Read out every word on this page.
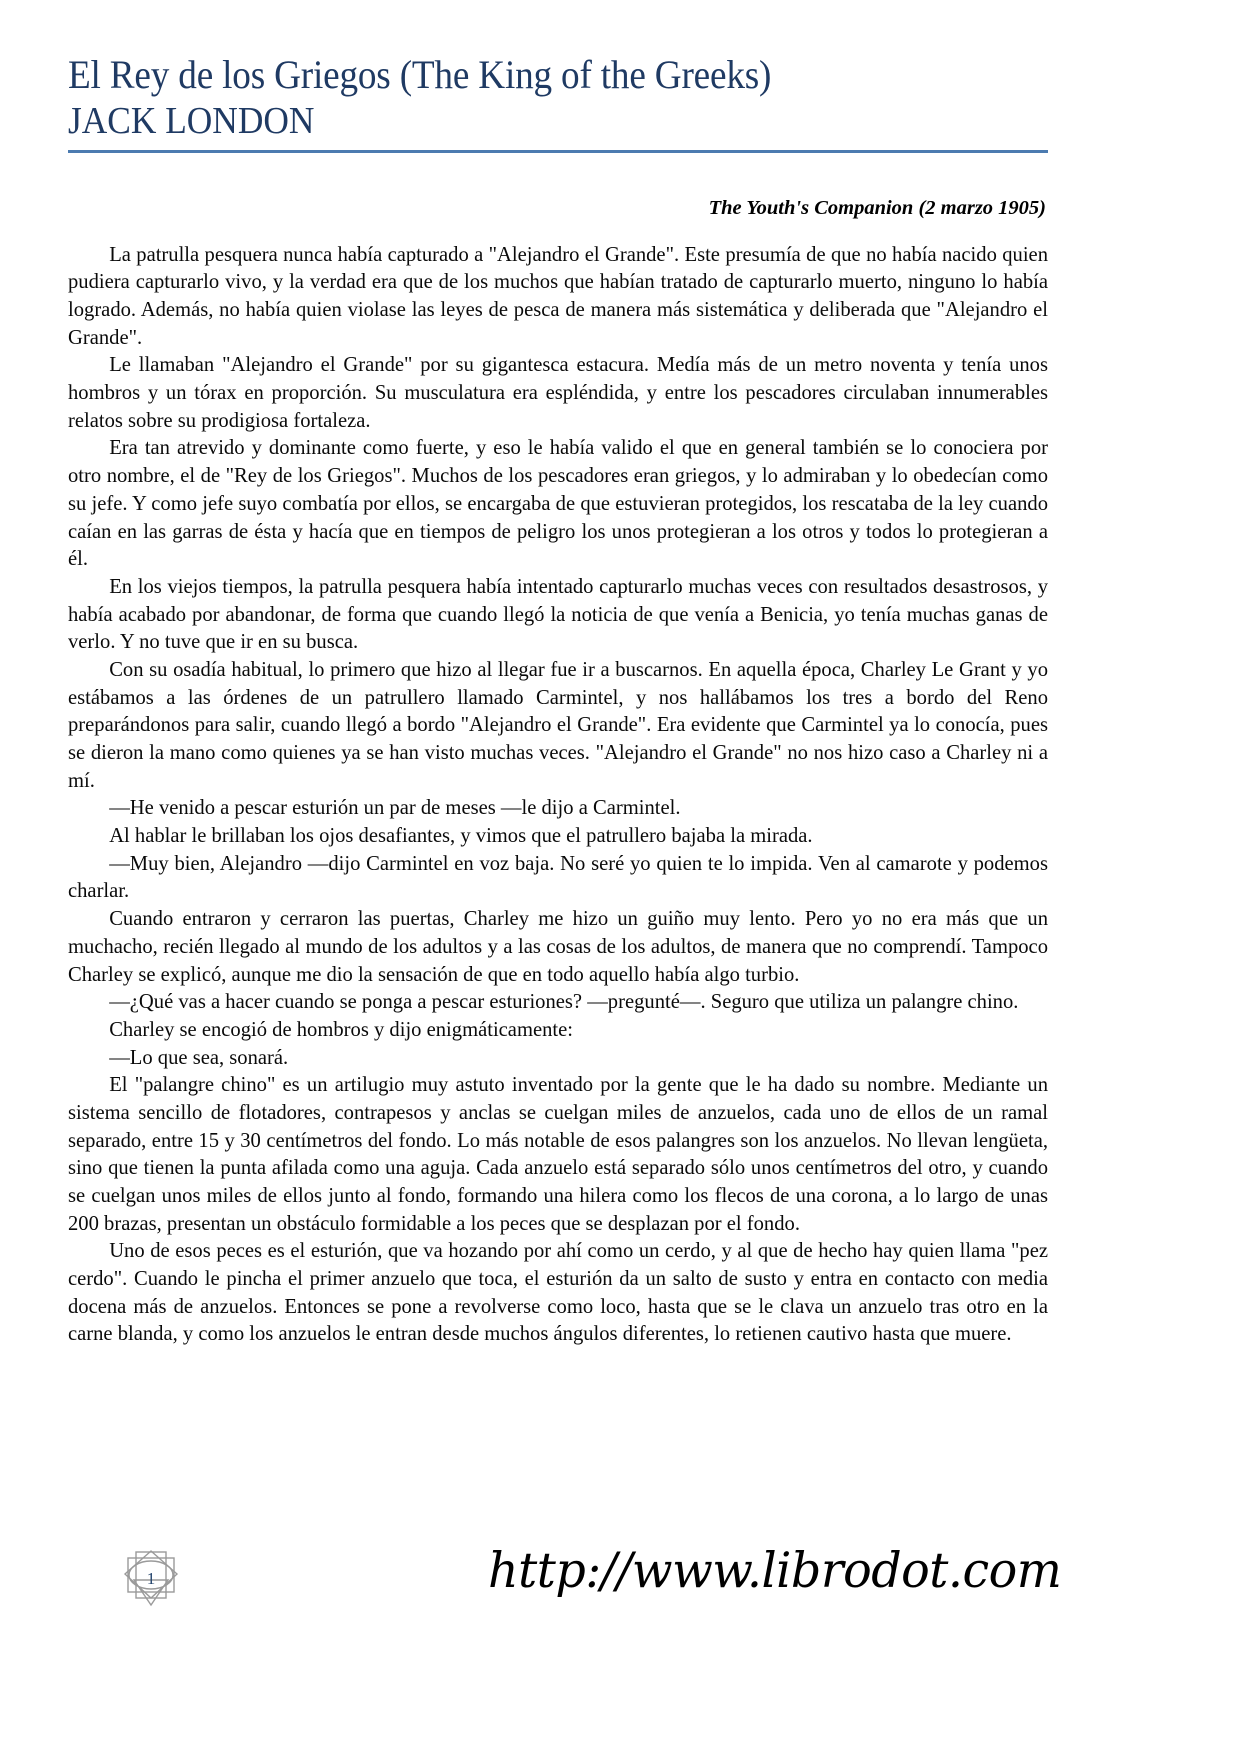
El Rey de los Griegos (The King of the Greeks)
JACK LONDON
The Youth's Companion (2 marzo 1905)

La patrulla pesquera nunca había capturado a "Alejandro el Grande". Este presumía de que no había nacido quien pudiera capturarlo vivo, y la verdad era que de los muchos que habían tratado de capturarlo muerto, ninguno lo había logrado. Además, no había quien violase las leyes de pesca de manera más sistemática y deliberada que "Alejandro el Grande".

Le llamaban "Alejandro el Grande" por su gigantesca estacura. Medía más de un metro noventa y tenía unos hombros y un tórax en proporción. Su musculatura era espléndida, y entre los pescadores circulaban innumerables relatos sobre su prodigiosa fortaleza.

Era tan atrevido y dominante como fuerte, y eso le había valido el que en general también se lo conociera por otro nombre, el de "Rey de los Griegos". Muchos de los pescadores eran griegos, y lo admiraban y lo obedecían como su jefe. Y como jefe suyo combatía por ellos, se encargaba de que estuvieran protegidos, los rescataba de la ley cuando caían en las garras de ésta y hacía que en tiempos de peligro los unos protegieran a los otros y todos lo protegieran a él.

En los viejos tiempos, la patrulla pesquera había intentado capturarlo muchas veces con resultados desastrosos, y había acabado por abandonar, de forma que cuando llegó la noticia de que venía a Benicia, yo tenía muchas ganas de verlo. Y no tuve que ir en su busca.

Con su osadía habitual, lo primero que hizo al llegar fue ir a buscarnos. En aquella época, Charley Le Grant y yo estábamos a las órdenes de un patrullero llamado Carmintel, y nos hallábamos los tres a bordo del Reno preparándonos para salir, cuando llegó a bordo "Alejandro el Grande". Era evidente que Carmintel ya lo conocía, pues se dieron la mano como quienes ya se han visto muchas veces. "Alejandro el Grande" no nos hizo caso a Charley ni a mí.

—He venido a pescar esturión un par de meses —le dijo a Carmintel.

Al hablar le brillaban los ojos desafiantes, y vimos que el patrullero bajaba la mirada.

—Muy bien, Alejandro —dijo Carmintel en voz baja. No seré yo quien te lo impida. Ven al camarote y podemos charlar.

Cuando entraron y cerraron las puertas, Charley me hizo un guiño muy lento. Pero yo no era más que un muchacho, recién llegado al mundo de los adultos y a las cosas de los adultos, de manera que no comprendí. Tampoco Charley se explicó, aunque me dio la sensación de que en todo aquello había algo turbio.

—¿Qué vas a hacer cuando se ponga a pescar esturiones? —pregunté—. Seguro que utiliza un palangre chino.

Charley se encogió de hombros y dijo enigmáticamente:

—Lo que sea, sonará.

El "palangre chino" es un artilugio muy astuto inventado por la gente que le ha dado su nombre. Mediante un sistema sencillo de flotadores, contrapesos y anclas se cuelgan miles de anzuelos, cada uno de ellos de un ramal separado, entre 15 y 30 centímetros del fondo. Lo más notable de esos palangres son los anzuelos. No llevan lengüeta, sino que tienen la punta afilada como una aguja. Cada anzuelo está separado sólo unos centímetros del otro, y cuando se cuelgan unos miles de ellos junto al fondo, formando una hilera como los flecos de una corona, a lo largo de unas 200 brazas, presentan un obstáculo formidable a los peces que se desplazan por el fondo.

Uno de esos peces es el esturión, que va hozando por ahí como un cerdo, y al que de hecho hay quien llama "pez cerdo". Cuando le pincha el primer anzuelo que toca, el esturión da un salto de susto y entra en contacto con media docena más de anzuelos. Entonces se pone a revolverse como loco, hasta que se le clava un anzuelo tras otro en la carne blanda, y como los anzuelos le entran desde muchos ángulos diferentes, lo retienen cautivo hasta que muere.

1	http://www.librodot.com
